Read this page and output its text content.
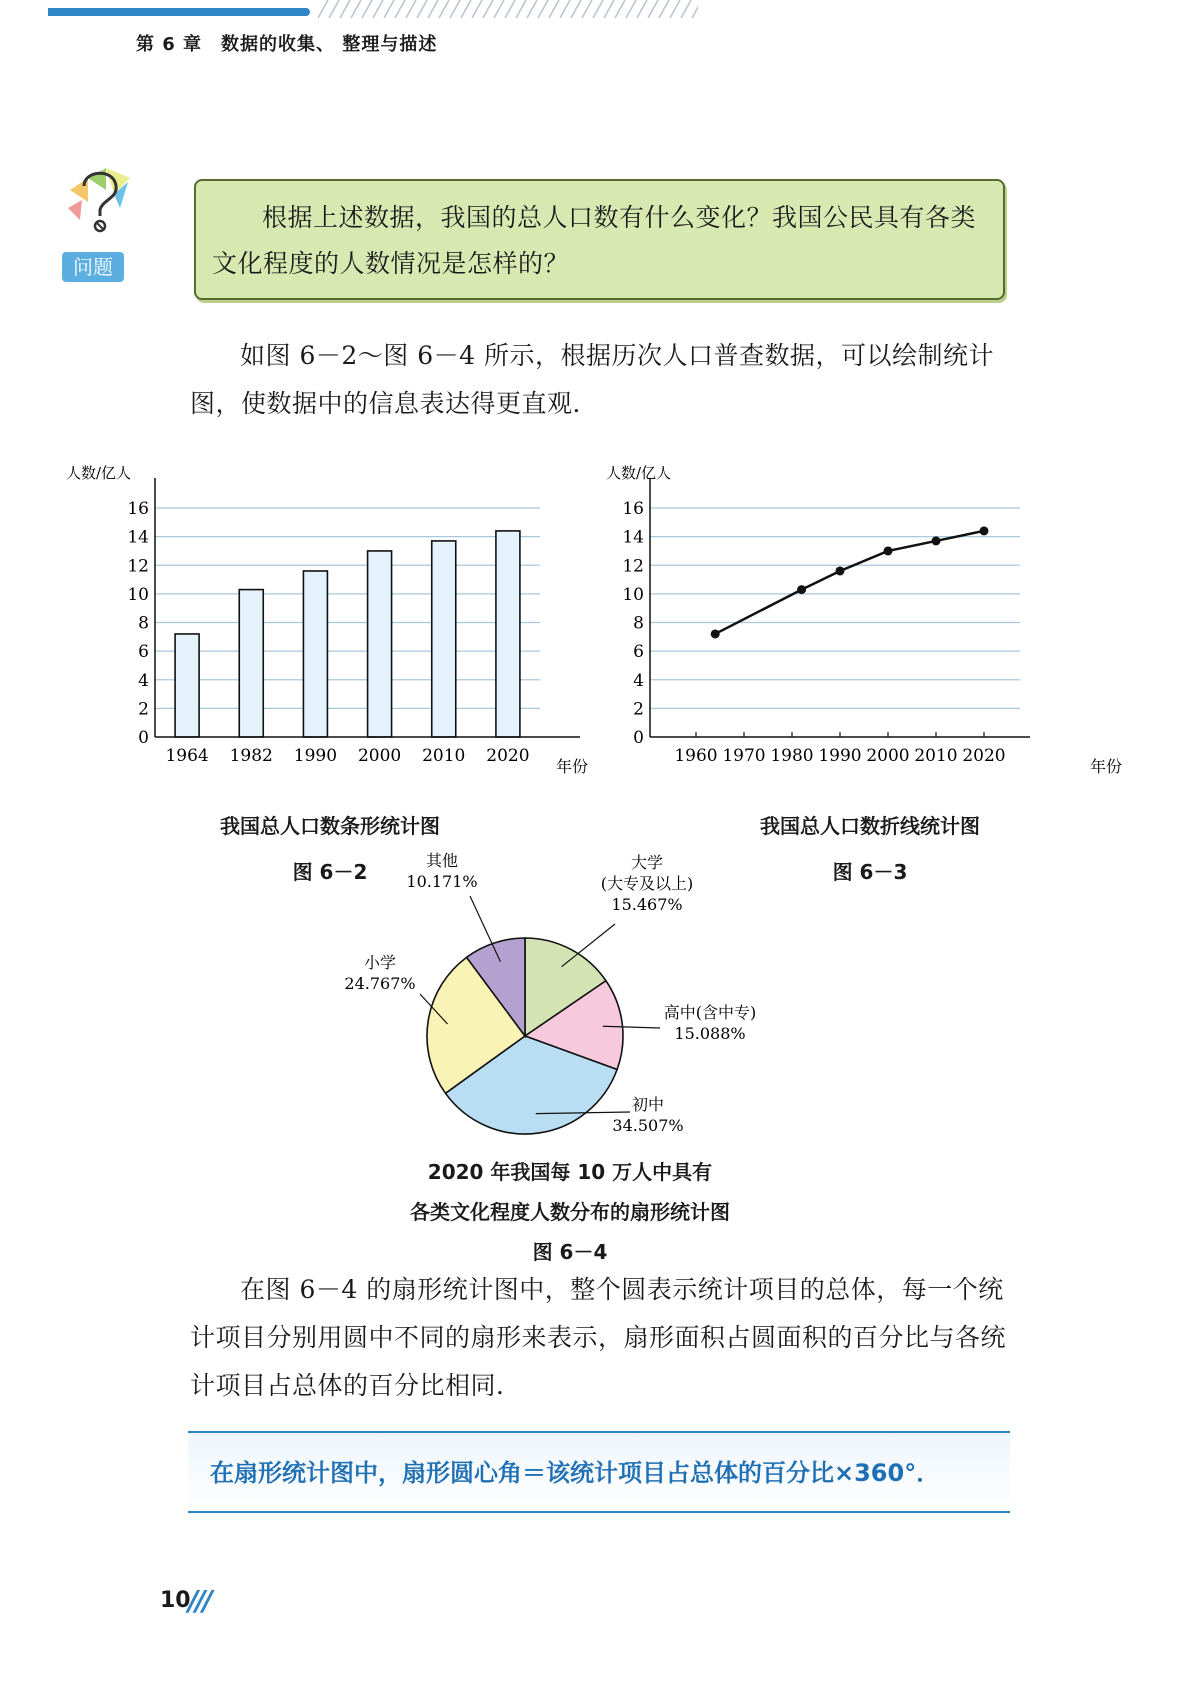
第 6 章　数据的收集、 整理与描述
问题
根据上述数据，我国的总人口数有什么变化？我国公民具有各类文化程度的人数情况是怎样的？
如图 6－2～图 6－4 所示，根据历次人口普查数据，可以绘制统计图，使数据中的信息表达得更直观．
0
2
4
6
8
10
12
14
16
1964 1982 1990 2000 2010 2020
人数/亿人
年份
我国总人口数条形统计图
图 6－2
0
2
4
6
8
10
12
14
16
1960 1970 1980 1990 2000 2010 2020
人数/亿人
年份
我国总人口数折线统计图
图 6－3
大学
(大专及以上)
15.467%
高中(含中专)
15.088%
初中
34.507%
小学
24.767%
其他
10.171%
2020 年我国每 10 万人中具有
各类文化程度人数分布的扇形统计图
图 6－4
在图 6－4 的扇形统计图中，整个圆表示统计项目的总体，每一个统计项目分别用圆中不同的扇形来表示，扇形面积占圆面积的百分比与各统计项目占总体的百分比相同．
在扇形统计图中，扇形圆心角＝该统计项目占总体的百分比×360°．
10
///
